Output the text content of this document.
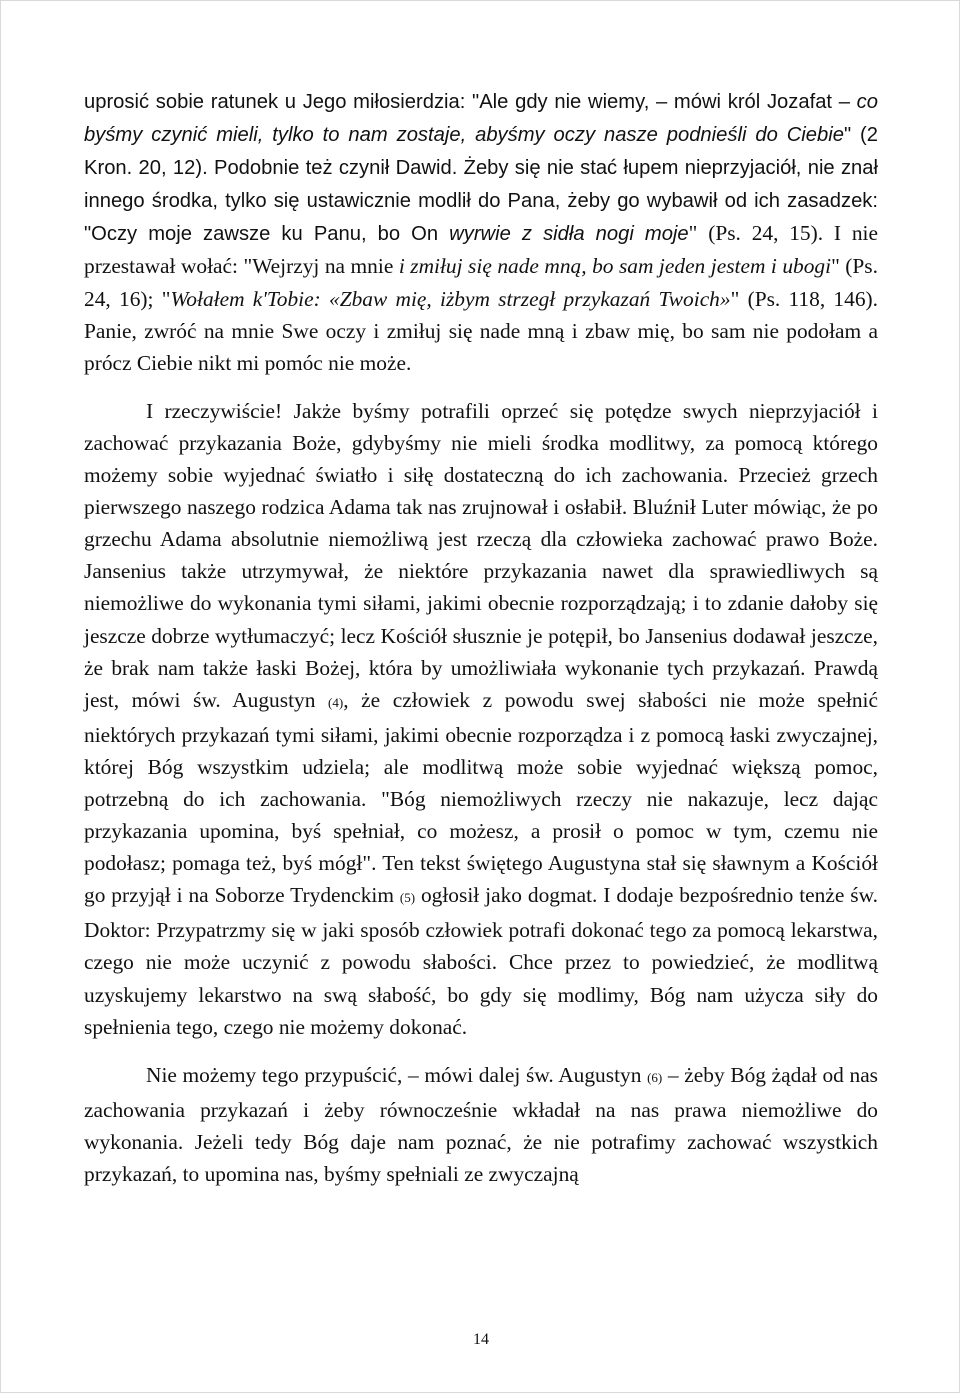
uprosić sobie ratunek u Jego miłosierdzia: "Ale gdy nie wiemy, – mówi król Jozafat – co byśmy czynić mieli, tylko to nam zostaje, abyśmy oczy nasze podnieśli do Ciebie" (2 Kron. 20, 12). Podobnie też czynił Dawid. Żeby się nie stać łupem nieprzyjaciół, nie znał innego środka, tylko się ustawicznie modlił do Pana, żeby go wybawił od ich zasadzek: "Oczy moje zawsze ku Panu, bo On wyrwie z sidła nogi moje" (Ps. 24, 15). I nie przestawał wołać: "Wejrzyj na mnie i zmiłuj się nade mną, bo sam jeden jestem i ubogi" (Ps. 24, 16); "Wołałem k'Tobie: «Zbaw mię, iżbym strzegł przykazań Twoich»" (Ps. 118, 146). Panie, zwróć na mnie Swe oczy i zmiłuj się nade mną i zbaw mię, bo sam nie podołam a prócz Ciebie nikt mi pomóc nie może.

I rzeczywiście! Jakże byśmy potrafili oprzeć się potędze swych nieprzyjaciół i zachować przykazania Boże, gdybyśmy nie mieli środka modlitwy, za pomocą którego możemy sobie wyjednać światło i siłę dostateczną do ich zachowania. Przecież grzech pierwszego naszego rodzica Adama tak nas zrujnował i osłabił. Bluźnił Luter mówiąc, że po grzechu Adama absolutnie niemożliwą jest rzeczą dla człowieka zachować prawo Boże. Jansenius także utrzymywał, że niektóre przykazania nawet dla sprawiedliwych są niemożliwe do wykonania tymi siłami, jakimi obecnie rozporządzają; i to zdanie dałoby się jeszcze dobrze wytłumaczyć; lecz Kościół słusznie je potępił, bo Jansenius dodawał jeszcze, że brak nam także łaski Bożej, która by umożliwiała wykonanie tych przykazań. Prawdą jest, mówi św. Augustyn (4), że człowiek z powodu swej słabości nie może spełnić niektórych przykazań tymi siłami, jakimi obecnie rozporządza i z pomocą łaski zwyczajnej, której Bóg wszystkim udziela; ale modlitwą może sobie wyjednać większą pomoc, potrzebną do ich zachowania. "Bóg niemożliwych rzeczy nie nakazuje, lecz dając przykazania upomina, byś spełniał, co możesz, a prosił o pomoc w tym, czemu nie podołasz; pomaga też, byś mógł". Ten tekst świętego Augustyna stał się sławnym a Kościół go przyjął i na Soborze Trydenckim (5) ogłosił jako dogmat. I dodaje bezpośrednio tenże św. Doktor: Przypatrzmy się w jaki sposób człowiek potrafi dokonać tego za pomocą lekarstwa, czego nie może uczynić z powodu słabości. Chce przez to powiedzieć, że modlitwą uzyskujemy lekarstwo na swą słabość, bo gdy się modlimy, Bóg nam użycza siły do spełnienia tego, czego nie możemy dokonać.

Nie możemy tego przypuścić, – mówi dalej św. Augustyn (6) – żeby Bóg żądał od nas zachowania przykazań i żeby równocześnie wkładał na nas prawa niemożliwe do wykonania. Jeżeli tedy Bóg daje nam poznać, że nie potrafimy zachować wszystkich przykazań, to upomina nas, byśmy spełniali ze zwyczajną

14
